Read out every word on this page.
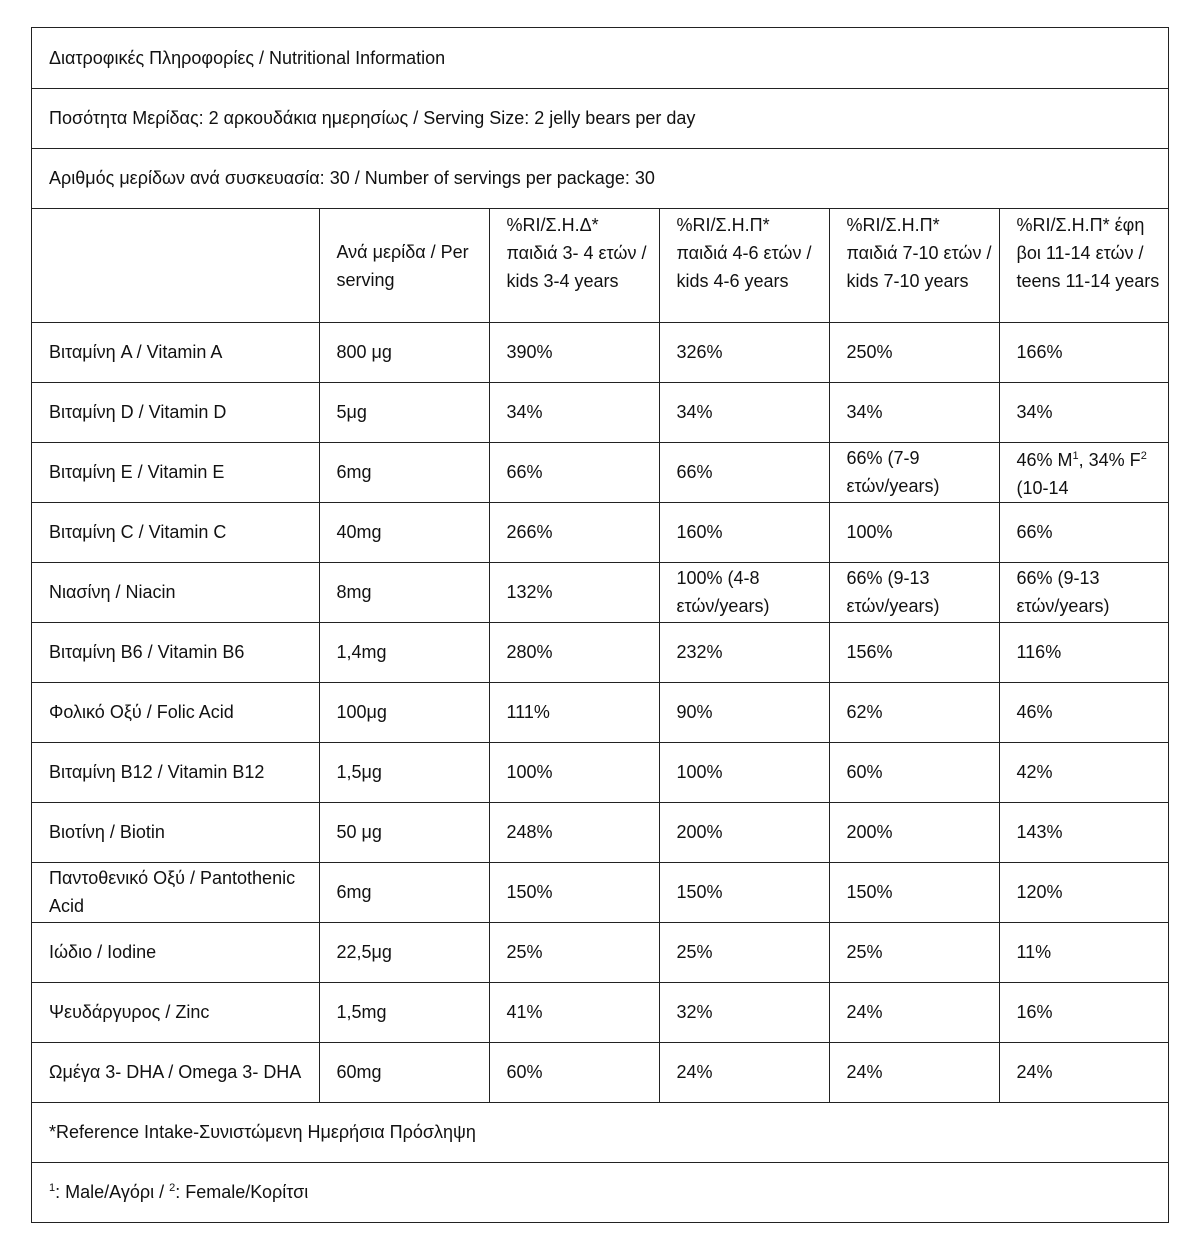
Διατροφικές Πληροφορίες / Nutritional Information					
Ποσότητα Μερίδας: 2 αρκουδάκια ημερησίως / Serving Size: 2 jelly bears per day					
Αριθμός μερίδων ανά συσκευασία: 30 / Number of servings per package: 30					
	Ανά μερίδα / Per serving	%RI/Σ.Η.Δ* παιδιά 3- 4 ετών / kids 3-4 years	%RI/Σ.Η.Π* παιδιά 4-6 ετών / kids 4-6 years	%RI/Σ.Η.Π* παιδιά 7-10 ετών / kids 7-10 years	%RI/Σ.Η.Π* έφη βοι 11-14 ετών / teens 11-14 years
Βιταμίνη A / Vitamin A	800 μg	390%	326%	250%	166%
Βιταμίνη D / Vitamin D	5μg	34%	34%	34%	34%
Βιταμίνη E / Vitamin E	6mg	66%	66%	66% (7-9 ετών/years)	46% $M^1$, 34% $F^2$ (10-14
Βιταμίνη C / Vitamin C	40mg	266%	160%	100%	66%
Νιασίνη / Niacin	8mg	132%	100% (4-8 ετών/years)	66% (9-13 ετών/years)	66% (9-13 ετών/years)
Βιταμίνη B6 / Vitamin B6	1,4mg	280%	232%	156%	116%
Φολικό Οξύ / Folic Acid	100μg	111%	90%	62%	46%
Βιταμίνη B12 / Vitamin B12	1,5μg	100%	100%	60%	42%
Βιοτίνη / Biotin	50 μg	248%	200%	200%	143%
Παντοθενικό Οξύ / Pantothenic Acid	6mg	150%	150%	150%	120%
Ιώδιο / Iodine	22,5μg	25%	25%	25%	11%
Ψευδάργυρος / Zinc	1,5mg	41%	32%	24%	16%
Ωμέγα 3- DHA / Omega 3- DHA	60mg	60%	24%	24%	24%
*Reference Intake-Συνιστώμενη Ημερήσια Πρόσληψη					
$^1$: Male/Αγόρι / $^2$: Female/Κορίτσι					
